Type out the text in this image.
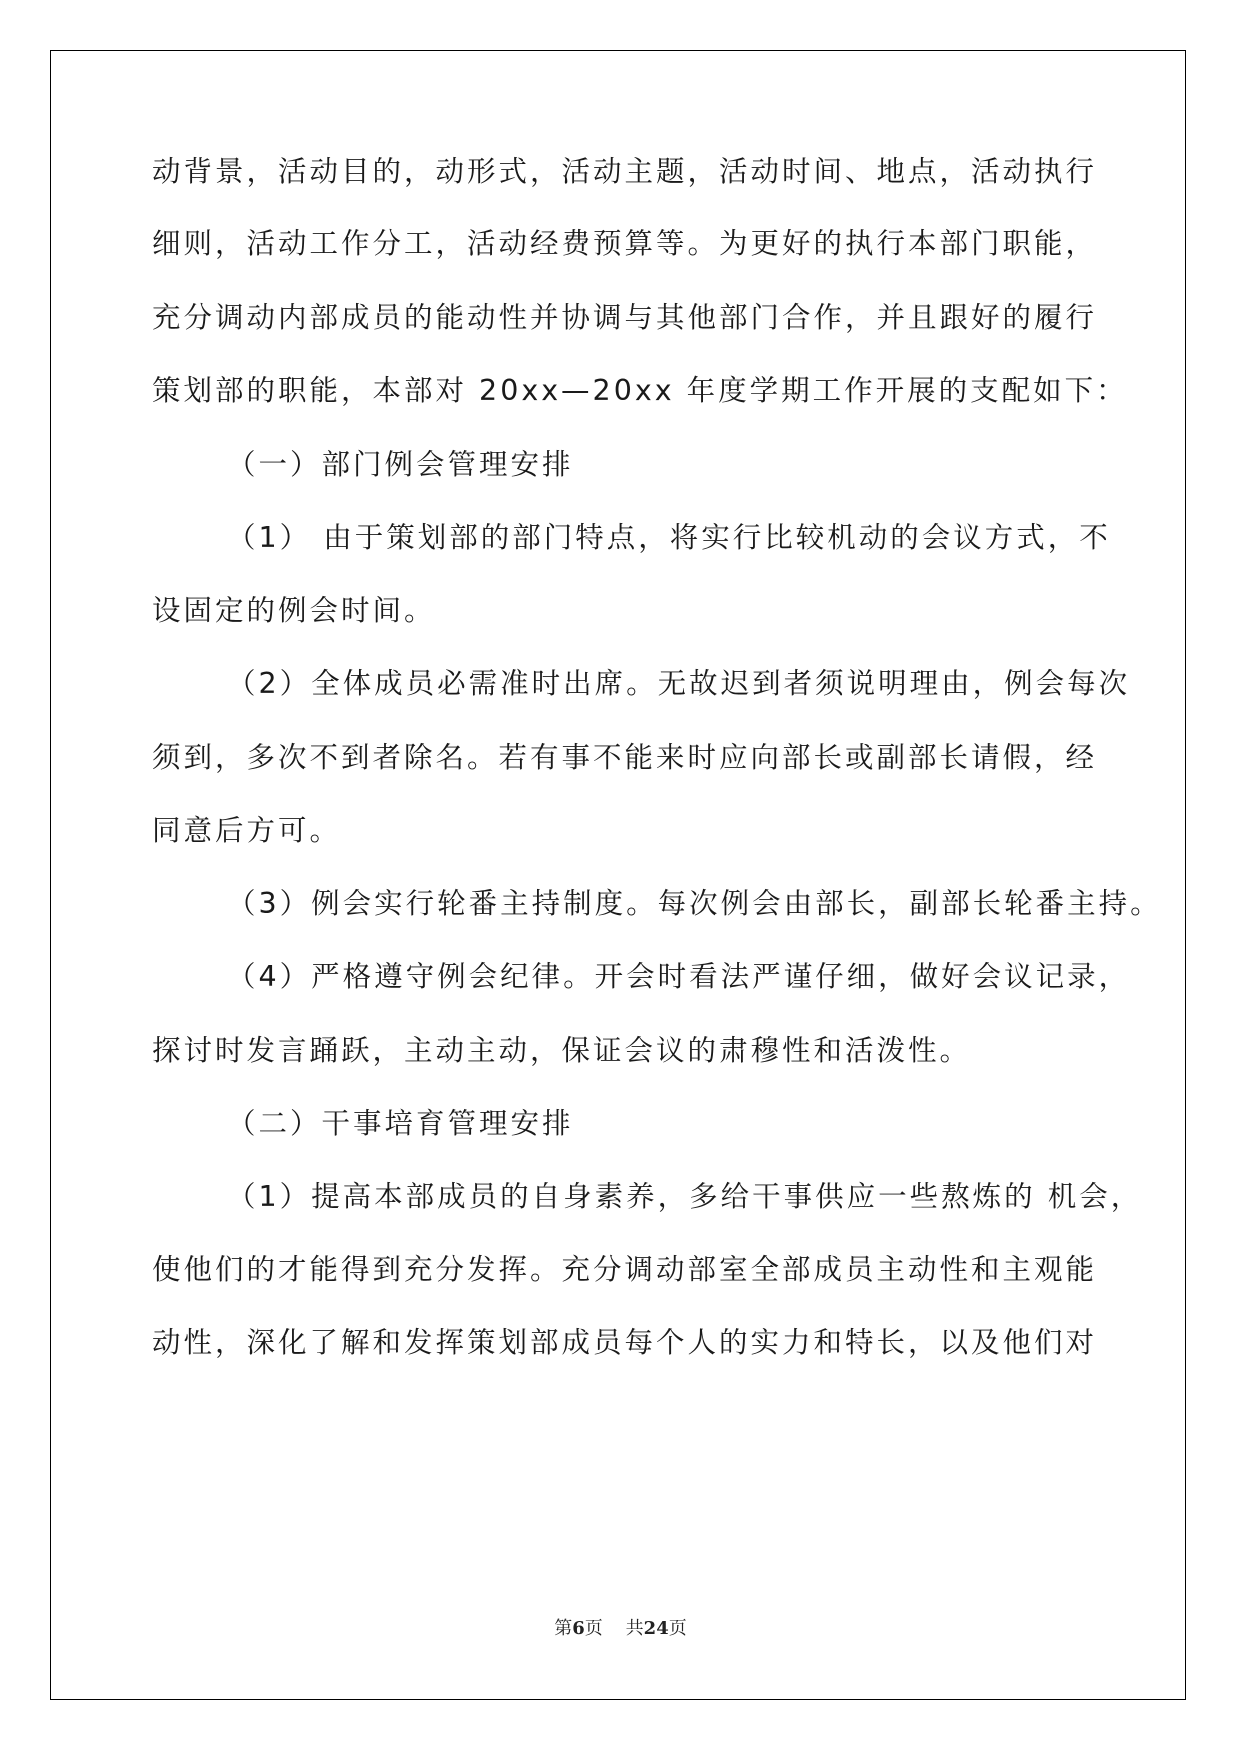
动背景，活动目的，动形式，活动主题，活动时间、地点，活动执行
细则，活动工作分工，活动经费预算等。为更好的执行本部门职能，
充分调动内部成员的能动性并协调与其他部门合作，并且跟好的履行
策划部的职能，本部对 20xx—20xx 年度学期工作开展的支配如下：
（一）部门例会管理安排
（1） 由于策划部的部门特点，将实行比较机动的会议方式，不
设固定的例会时间。
（2）全体成员必需准时出席。无故迟到者须说明理由，例会每次
须到，多次不到者除名。若有事不能来时应向部长或副部长请假，经
同意后方可。
（3）例会实行轮番主持制度。每次例会由部长，副部长轮番主持。
（4）严格遵守例会纪律。开会时看法严谨仔细，做好会议记录，
探讨时发言踊跃，主动主动，保证会议的肃穆性和活泼性。
（二）干事培育管理安排
（1）提高本部成员的自身素养，多给干事供应一些熬炼的 机会，
使他们的才能得到充分发挥。充分调动部室全部成员主动性和主观能
动性，深化了解和发挥策划部成员每个人的实力和特长，以及他们对
第6页 共24页
